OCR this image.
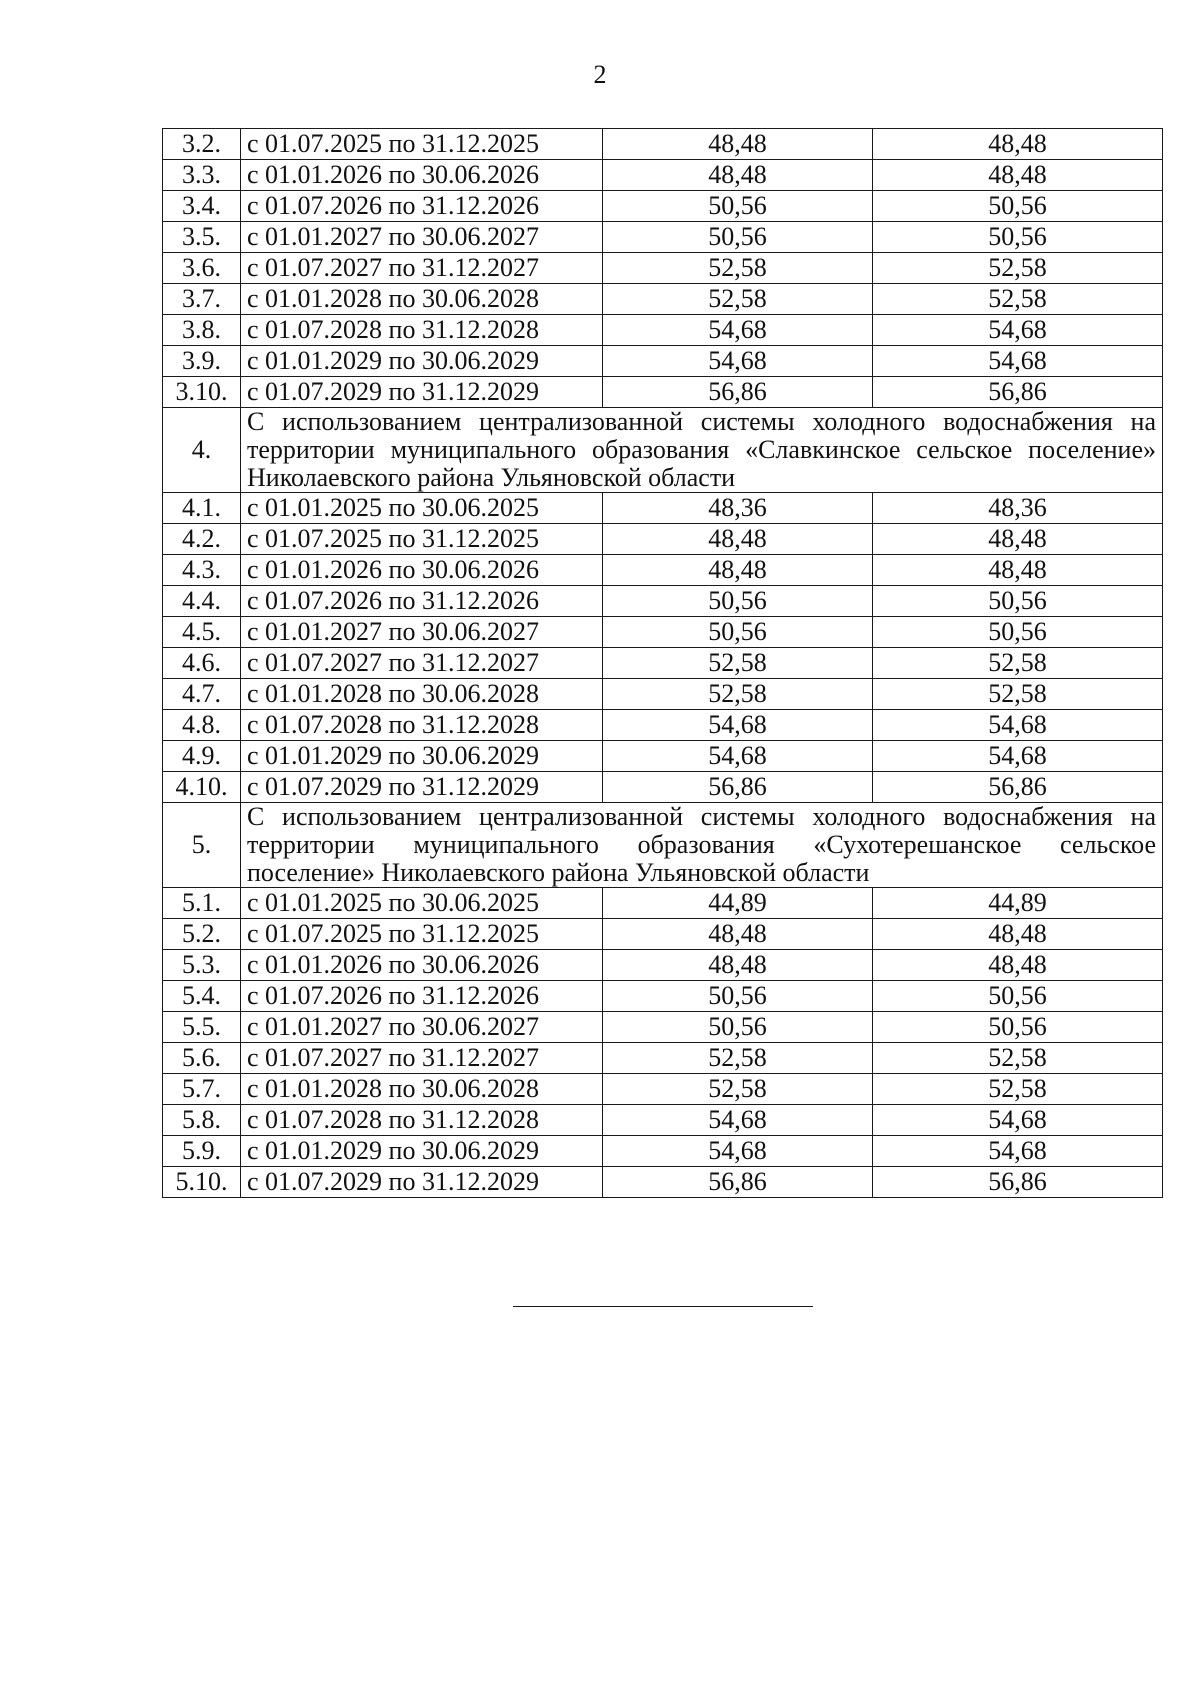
2
3.2.	с 01.07.2025 по 31.12.2025	48,48	48,48
3.3.	с 01.01.2026 по 30.06.2026	48,48	48,48
3.4.	с 01.07.2026 по 31.12.2026	50,56	50,56
3.5.	с 01.01.2027 по 30.06.2027	50,56	50,56
3.6.	с 01.07.2027 по 31.12.2027	52,58	52,58
3.7.	с 01.01.2028 по 30.06.2028	52,58	52,58
3.8.	с 01.07.2028 по 31.12.2028	54,68	54,68
3.9.	с 01.01.2029 по 30.06.2029	54,68	54,68
3.10.	с 01.07.2029 по 31.12.2029	56,86	56,86
4.	С использованием централизованной системы холодного водоснабжения на территории муниципального образования «Славкинское сельское поселение» Николаевского района Ульяновской области		
4.1.	с 01.01.2025 по 30.06.2025	48,36	48,36
4.2.	с 01.07.2025 по 31.12.2025	48,48	48,48
4.3.	с 01.01.2026 по 30.06.2026	48,48	48,48
4.4.	с 01.07.2026 по 31.12.2026	50,56	50,56
4.5.	с 01.01.2027 по 30.06.2027	50,56	50,56
4.6.	с 01.07.2027 по 31.12.2027	52,58	52,58
4.7.	с 01.01.2028 по 30.06.2028	52,58	52,58
4.8.	с 01.07.2028 по 31.12.2028	54,68	54,68
4.9.	с 01.01.2029 по 30.06.2029	54,68	54,68
4.10.	с 01.07.2029 по 31.12.2029	56,86	56,86
5.	С использованием централизованной системы холодного водоснабжения на территории муниципального образования «Сухотерешанское сельское поселение» Николаевского района Ульяновской области		
5.1.	с 01.01.2025 по 30.06.2025	44,89	44,89
5.2.	с 01.07.2025 по 31.12.2025	48,48	48,48
5.3.	с 01.01.2026 по 30.06.2026	48,48	48,48
5.4.	с 01.07.2026 по 31.12.2026	50,56	50,56
5.5.	с 01.01.2027 по 30.06.2027	50,56	50,56
5.6.	с 01.07.2027 по 31.12.2027	52,58	52,58
5.7.	с 01.01.2028 по 30.06.2028	52,58	52,58
5.8.	с 01.07.2028 по 31.12.2028	54,68	54,68
5.9.	с 01.01.2029 по 30.06.2029	54,68	54,68
5.10.	с 01.07.2029 по 31.12.2029	56,86	56,86
